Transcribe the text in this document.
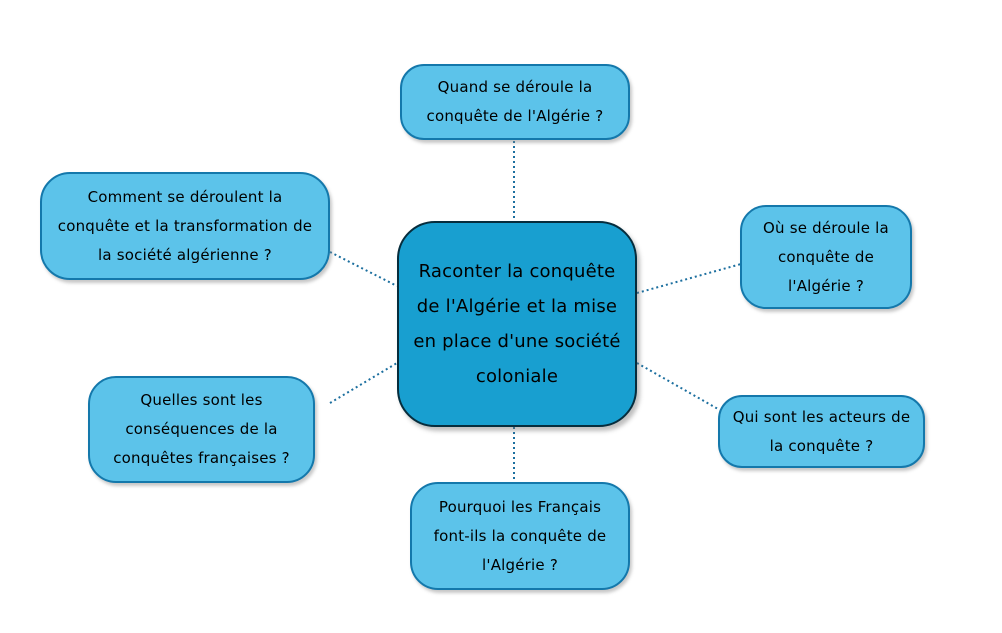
Raconter la conquête de l'Algérie et la mise en place d'une société coloniale
Quand se déroule la conquête de l'Algérie ?
Comment se déroulent la conquête et la transformation de la société algérienne ?
Où se déroule la conquête de l'Algérie ?
Quelles sont les conséquences de la conquêtes françaises ?
Qui sont les acteurs de la conquête ?
Pourquoi les Français font-ils la conquête de l'Algérie ?
